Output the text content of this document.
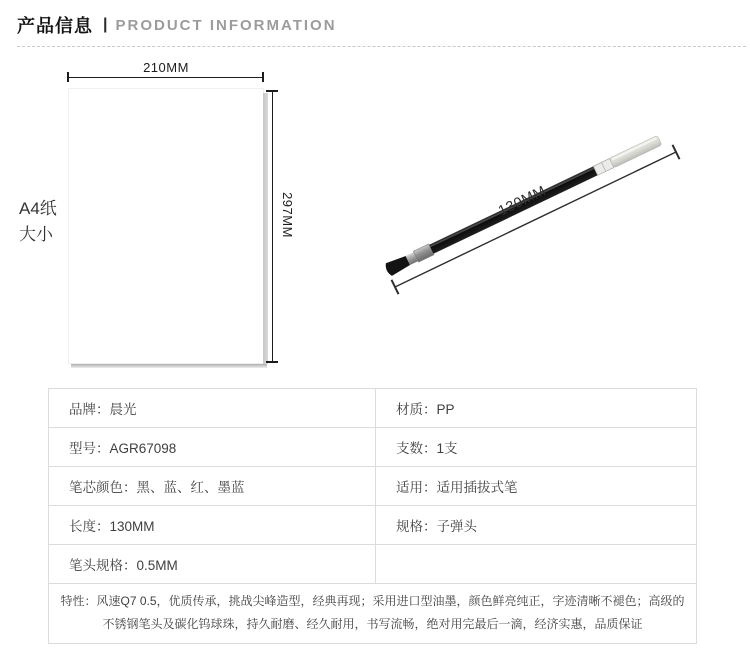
产品信息 | PRODUCT INFORMATION
A4纸
大小
210MM
297MM	130MM
品牌：晨光	材质：PP
型号：AGR67098	支数：1支
笔芯颜色：黑、蓝、红、墨蓝	适用：适用插拔式笔
长度：130MM	规格：子弹头
笔头规格：0.5MM
特性：风速Q7 0.5，优质传承，挑战尖峰造型，经典再现；采用进口型油墨，颜色鲜亮纯正，字迹清晰不褪色；高级的
不锈钢笔头及碳化钨球珠，持久耐磨、经久耐用，书写流畅，绝对用完最后一滴，经济实惠，品质保证
